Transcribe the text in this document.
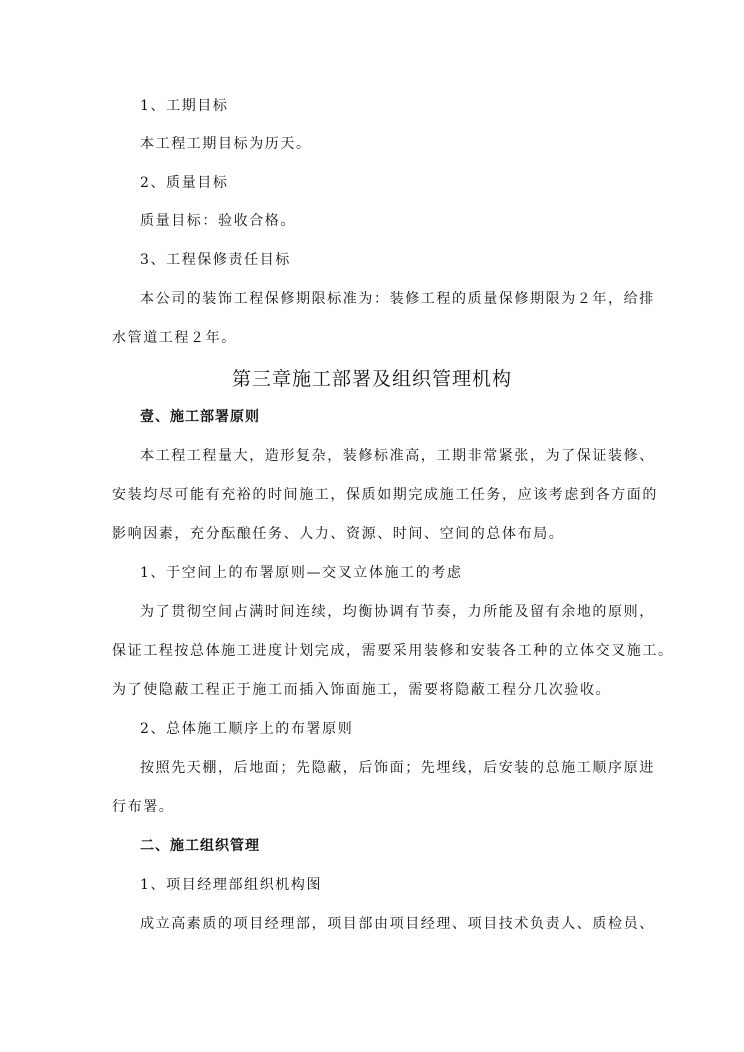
1、工期目标
本工程工期目标为历天。
2、质量目标
质量目标：验收合格。
3、工程保修责任目标
本公司的装饰工程保修期限标准为：装修工程的质量保修期限为２年，给排
水管道工程２年。
第三章施工部署及组织管理机构
壹、施工部署原则
本工程工程量大，造形复杂，装修标准高，工期非常紧张，为了保证装修、
安装均尽可能有充裕的时间施工，保质如期完成施工任务，应该考虑到各方面的
影响因素，充分酝酿任务、人力、资源、时间、空间的总体布局。
1、于空间上的布署原则—交叉立体施工的考虑
为了贯彻空间占满时间连续，均衡协调有节奏，力所能及留有余地的原则，
保证工程按总体施工进度计划完成，需要采用装修和安装各工种的立体交叉施工。
为了使隐蔽工程正于施工而插入饰面施工，需要将隐蔽工程分几次验收。
2、总体施工顺序上的布署原则
按照先天棚，后地面；先隐蔽，后饰面；先埋线，后安装的总施工顺序原进
行布署。
二、施工组织管理
1、项目经理部组织机构图
成立高素质的项目经理部，项目部由项目经理、项目技术负责人、质检员、
